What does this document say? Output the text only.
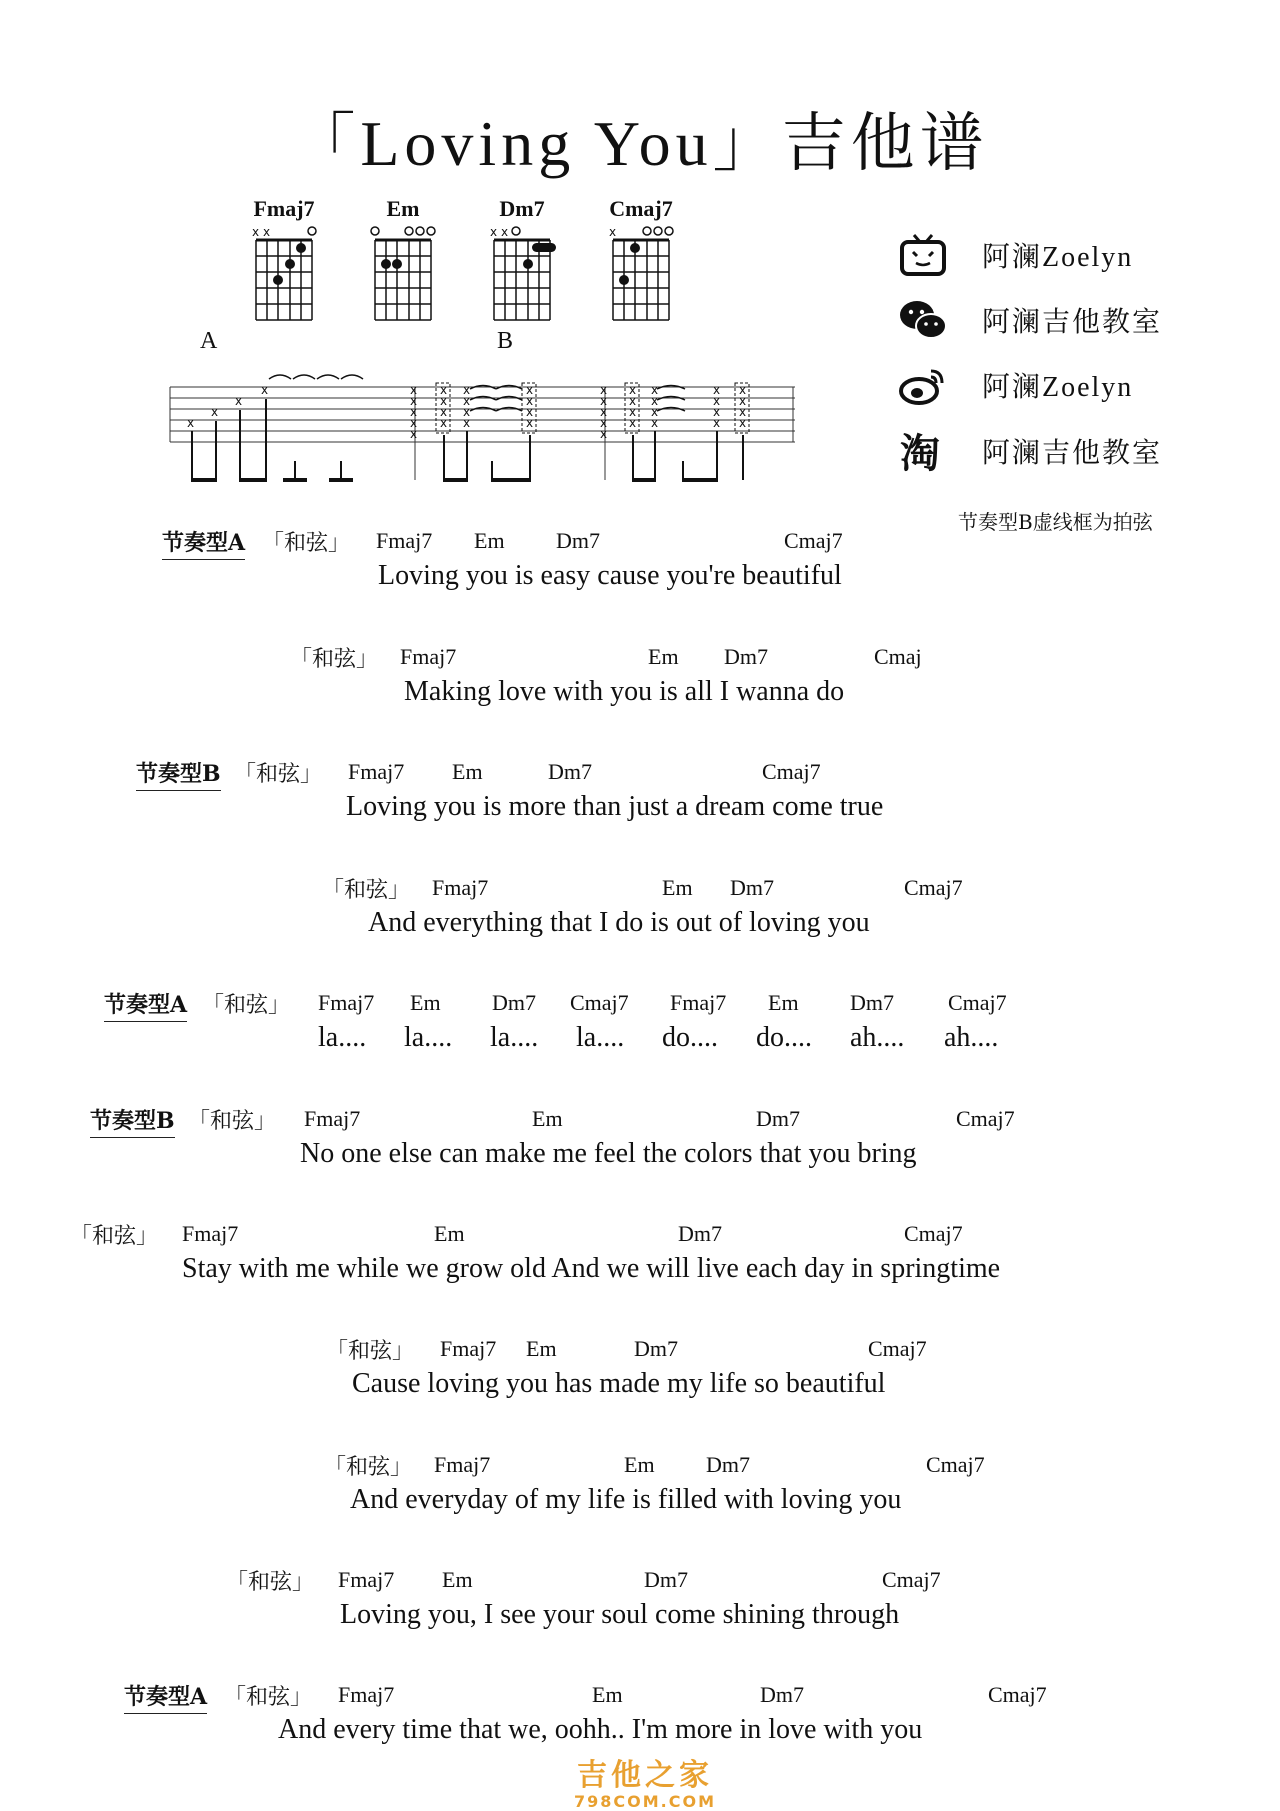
「Loving You」吉他谱
Fmaj7
x x
Em	Dm7
x x
Cmaj7
x
A	B
x
x
x
x	x
x
x
x
x
x
x
x
x
x
x
x
x
x
x
x
x
x
x
x
x
x
x
x
x
x
x
x
x
x
x
x
x
x
x
x
x
x
阿澜Zoelyn
阿澜吉他教室
阿澜Zoelyn
淘 阿澜吉他教室
节奏型B虚线框为拍弦
节奏型A 「和弦」 Fmaj7 Em Dm7	Cmaj7
Loving you is easy cause you're beautiful
「和弦」 Fmaj7	Em Dm7	Cmaj
Making love with you is all I wanna do
节奏型B 「和弦」 Fmaj7 Em	Dm7	Cmaj7
Loving you is more than just a dream come true
「和弦」 Fmaj7	Em Dm7	Cmaj7
And everything that I do is out of loving you
节奏型A 「和弦」 Fmaj7 Em Dm7 Cmaj7 Fmaj7 Em Dm7 Cmaj7
la.... la.... la.... la.... do.... do.... ah.... ah....
节奏型B 「和弦」 Fmaj7	Em	Dm7	Cmaj7
No one else can make me feel the colors that you bring
「和弦」 Fmaj7	Em	Dm7	Cmaj7
Stay with me while we grow old And we will live each day in springtime
「和弦」 Fmaj7 Em	Dm7	Cmaj7
Cause loving you has made my life so beautiful
「和弦」 Fmaj7	Em Dm7	Cmaj7
And everyday of my life is filled with loving you
「和弦」 Fmaj7 Em	Dm7	Cmaj7
Loving you, I see your soul come shining through
节奏型A 「和弦」 Fmaj7	Em	Dm7	Cmaj7
And every time that we, oohh.. I'm more in love with you
吉他之家
798COM.COM
